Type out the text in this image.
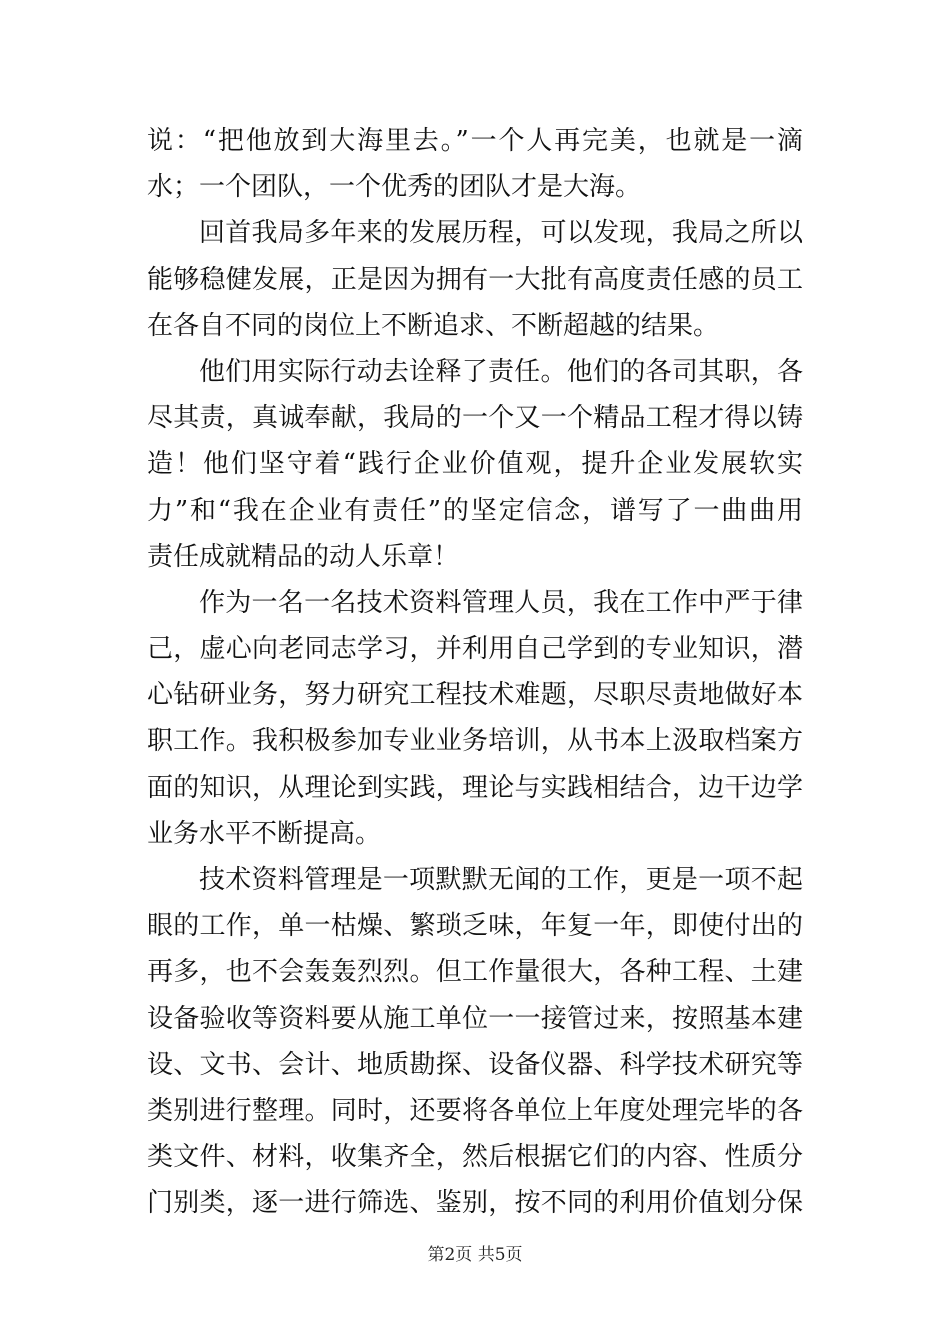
说：“把他放到大海里去。”一个人再完美，也就是一滴
水；一个团队，一个优秀的团队才是大海。
回首我局多年来的发展历程，可以发现，我局之所以
能够稳健发展，正是因为拥有一大批有高度责任感的员工
在各自不同的岗位上不断追求、不断超越的结果。
他们用实际行动去诠释了责任。他们的各司其职，各
尽其责，真诚奉献，我局的一个又一个精品工程才得以铸
造！他们坚守着“践行企业价值观，提升企业发展软实
力”和“我在企业有责任”的坚定信念，谱写了一曲曲用
责任成就精品的动人乐章！
作为一名一名技术资料管理人员，我在工作中严于律
己，虚心向老同志学习，并利用自己学到的专业知识，潜
心钻研业务，努力研究工程技术难题，尽职尽责地做好本
职工作。我积极参加专业业务培训，从书本上汲取档案方
面的知识，从理论到实践，理论与实践相结合，边干边学
业务水平不断提高。
技术资料管理是一项默默无闻的工作，更是一项不起
眼的工作，单一枯燥、繁琐乏味，年复一年，即使付出的
再多，也不会轰轰烈烈。但工作量很大，各种工程、土建
设备验收等资料要从施工单位一一接管过来，按照基本建
设、文书、会计、地质勘探、设备仪器、科学技术研究等
类别进行整理。同时，还要将各单位上年度处理完毕的各
类文件、材料，收集齐全，然后根据它们的内容、性质分
门别类，逐一进行筛选、鉴别，按不同的利用价值划分保
第2页 共5页
